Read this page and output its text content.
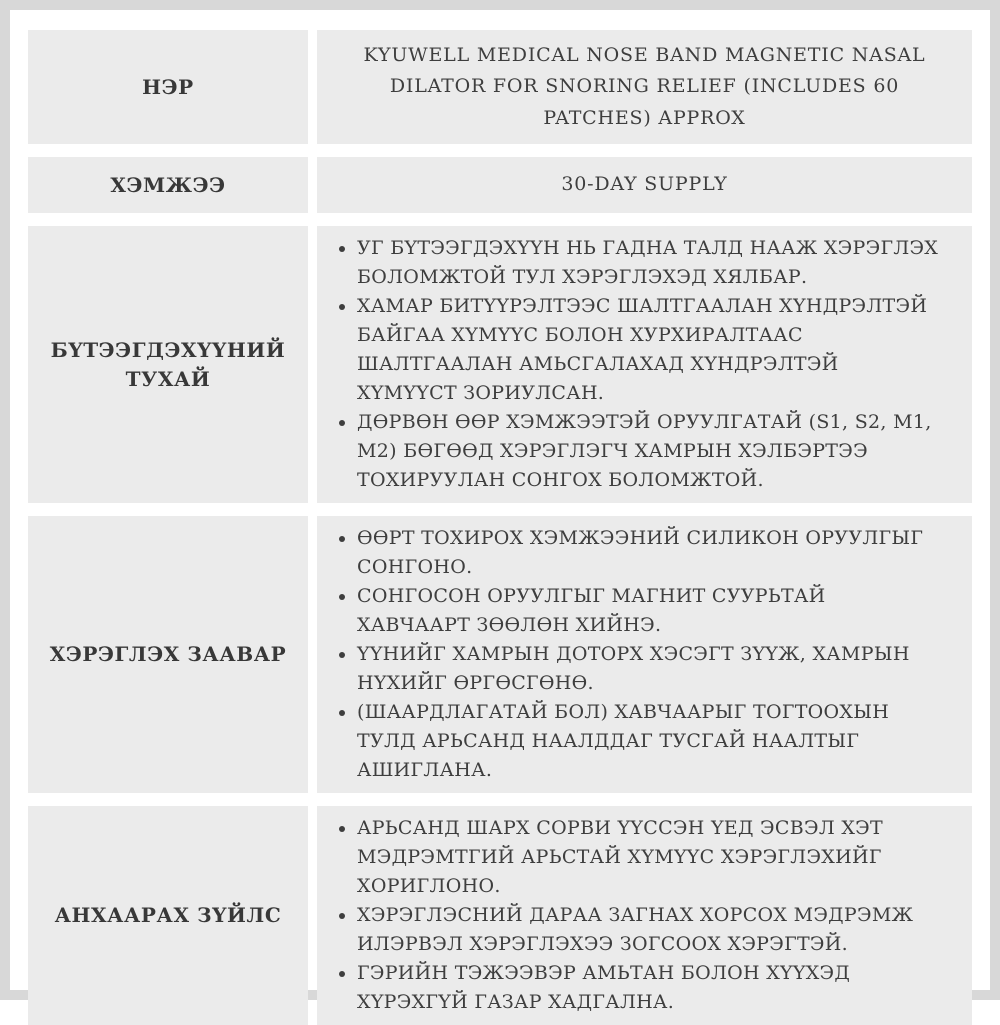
НЭР
KYUWELL MEDICAL NOSE BAND MAGNETIC NASAL DILATOR FOR SNORING RELIEF (INCLUDES 60 PATCHES) APPROX
ХЭМЖЭЭ	30-DAY SUPPLY
БҮТЭЭГДЭХҮҮНИЙ ТУХАЙ
• УГ БҮТЭЭГДЭХҮҮН НЬ ГАДНА ТАЛД НААЖ ХЭРЭГЛЭХ БОЛОМЖТОЙ ТУЛ ХЭРЭГЛЭХЭД ХЯЛБАР.
• ХАМАР БИТҮҮРЭЛТЭЭС ШАЛТГААЛАН ХҮНДРЭЛТЭЙ БАЙГАА ХҮМҮҮС БОЛОН ХУРХИРАЛТААС ШАЛТГААЛАН АМЬСГАЛАХАД ХҮНДРЭЛТЭЙ ХҮМҮҮСТ ЗОРИУЛСАН.
• ДӨРВӨН ӨӨР ХЭМЖЭЭТЭЙ ОРУУЛГАТАЙ (S1, S2, M1, M2) БӨГӨӨД ХЭРЭГЛЭГЧ ХАМРЫН ХЭЛБЭРТЭЭ ТОХИРУУЛАН СОНГОХ БОЛОМЖТОЙ.
ХЭРЭГЛЭХ ЗААВАР
• ӨӨРТ ТОХИРОХ ХЭМЖЭЭНИЙ СИЛИКОН ОРУУЛГЫГ СОНГОНО.
• СОНГОСОН ОРУУЛГЫГ МАГНИТ СУУРЬТАЙ ХАВЧААРТ ЗӨӨЛӨН ХИЙНЭ.
• ҮҮНИЙГ ХАМРЫН ДОТОРХ ХЭСЭГТ ЗҮҮЖ, ХАМРЫН НҮХИЙГ ӨРГӨСГӨНӨ.
• (ШААРДЛАГАТАЙ БОЛ) ХАВЧААРЫГ ТОГТООХЫН ТУЛД АРЬСАНД НААЛДДАГ ТУСГАЙ НААЛТЫГ АШИГЛАНА.
АНХААРАХ ЗҮЙЛС
• АРЬСАНД ШАРХ СОРВИ ҮҮССЭН ҮЕД ЭСВЭЛ ХЭТ МЭДРЭМТГИЙ АРЬСТАЙ ХҮМҮҮС ХЭРЭГЛЭХИЙГ ХОРИГЛОНО.
• ХЭРЭГЛЭСНИЙ ДАРАА ЗАГНАХ ХОРСОХ МЭДРЭМЖ ИЛЭРВЭЛ ХЭРЭГЛЭХЭЭ ЗОГСООХ ХЭРЭГТЭЙ.
• ГЭРИЙН ТЭЖЭЭВЭР АМЬТАН БОЛОН ХҮҮХЭД ХҮРЭХГҮЙ ГАЗАР ХАДГАЛНА.
